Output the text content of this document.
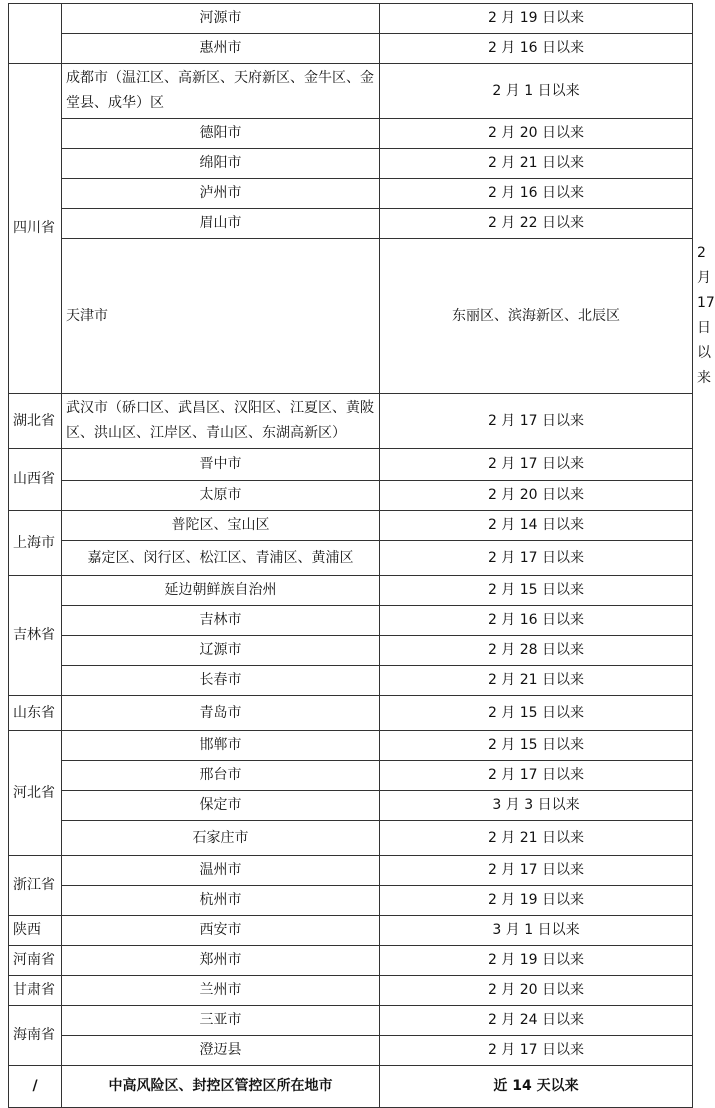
	河源市	2 月 19 日以来	
	惠州市	2 月 16 日以来	
四川省	成都市（温江区、高新区、天府新区、金牛区、金堂县、成华）区	2 月 1 日以来	
	德阳市	2 月 20 日以来	
	绵阳市	2 月 21 日以来	
	泸州市	2 月 16 日以来	
	眉山市	2 月 22 日以来	
	天津市	东丽区、滨海新区、北辰区	2 月 17 日以来
湖北省	武汉市（硚口区、武昌区、汉阳区、江夏区、黄陂区、洪山区、江岸区、青山区、东湖高新区）	2 月 17 日以来	
山西省	晋中市	2 月 17 日以来	
	太原市	2 月 20 日以来	
上海市	普陀区、宝山区	2 月 14 日以来	
	嘉定区、闵行区、松江区、青浦区、黄浦区	2 月 17 日以来	
吉林省	延边朝鲜族自治州	2 月 15 日以来	
	吉林市	2 月 16 日以来	
	辽源市	2 月 28 日以来	
	长春市	2 月 21 日以来	
山东省	青岛市	2 月 15 日以来	
河北省	邯郸市	2 月 15 日以来	
	邢台市	2 月 17 日以来	
	保定市	3 月 3 日以来	
	石家庄市	2 月 21 日以来	
浙江省	温州市	2 月 17 日以来	
	杭州市	2 月 19 日以来	
陕西	西安市	3 月 1 日以来	
河南省	郑州市	2 月 19 日以来	
甘肃省	兰州市	2 月 20 日以来	
海南省	三亚市	2 月 24 日以来	
	澄迈县	2 月 17 日以来	
/	中高风险区、封控区管控区所在地市	近 14 天以来	
